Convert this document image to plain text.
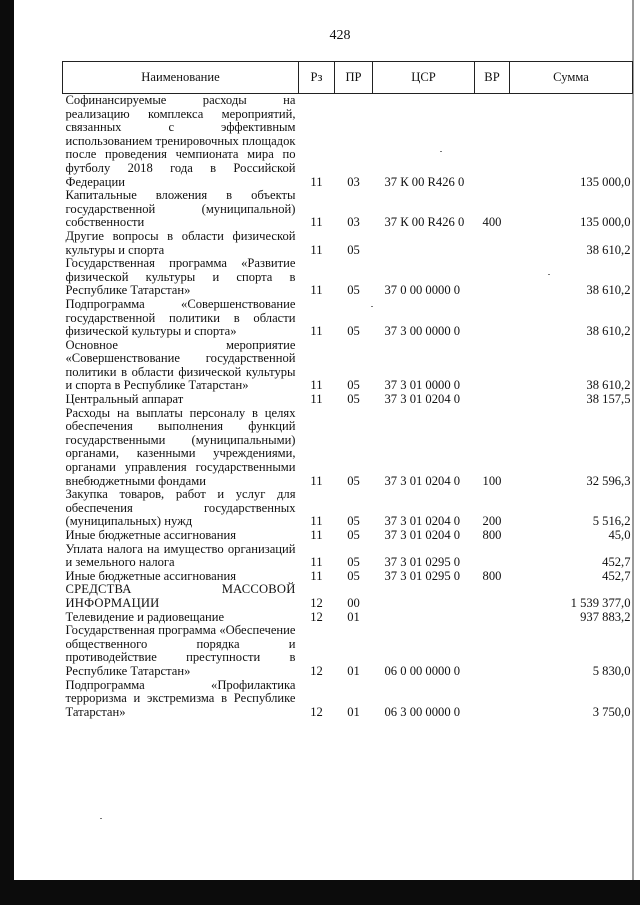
428
Наименование	Рз	ПР	ЦСР	ВР	Сумма
Софинансируемые расходы на реализацию комплекса мероприятий, связанных с эффективным использованием тренировочных площадок после проведения чемпионата мира по футболу 2018 года в Российской Федерации	11	03	37 К 00 R426 0		135 000,0
Капитальные вложения в объекты государственной (муниципальной) собственности	11	03	37 К 00 R426 0	400	135 000,0
Другие вопросы в области физической культуры и спорта	11	05			38 610,2
Государственная программа «Развитие физической культуры и спорта в Республике Татарстан»	11	05	37 0 00 0000 0		38 610,2
Подпрограмма «Совершенствование государственной политики в области физической культуры и спорта»	11	05	37 3 00 0000 0		38 610,2
Основное мероприятие «Совершенствование государственной политики в области физической культуры и спорта в Республике Татарстан»	11	05	37 3 01 0000 0		38 610,2
Центральный аппарат	11	05	37 3 01 0204 0		38 157,5
Расходы на выплаты персоналу в целях обеспечения выполнения функций государственными (муниципальными) органами, казенными учреждениями, органами управления государственными внебюджетными фондами	11	05	37 3 01 0204 0	100	32 596,3
Закупка товаров, работ и услуг для обеспечения государственных (муниципальных) нужд	11	05	37 3 01 0204 0	200	5 516,2
Иные бюджетные ассигнования	11	05	37 3 01 0204 0	800	45,0
Уплата налога на имущество организаций и земельного налога	11	05	37 3 01 0295 0		452,7
Иные бюджетные ассигнования	11	05	37 3 01 0295 0	800	452,7
СРЕДСТВА МАССОВОЙ ИНФОРМАЦИИ	12	00			1 539 377,0
Телевидение и радиовещание	12	01			937 883,2
Государственная программа «Обеспечение общественного порядка и противодействие преступности в Республике Татарстан»	12	01	06 0 00 0000 0		5 830,0
Подпрограмма «Профилактика терроризма и экстремизма в Республике Татарстан»	12	01	06 3 00 0000 0		3 750,0
